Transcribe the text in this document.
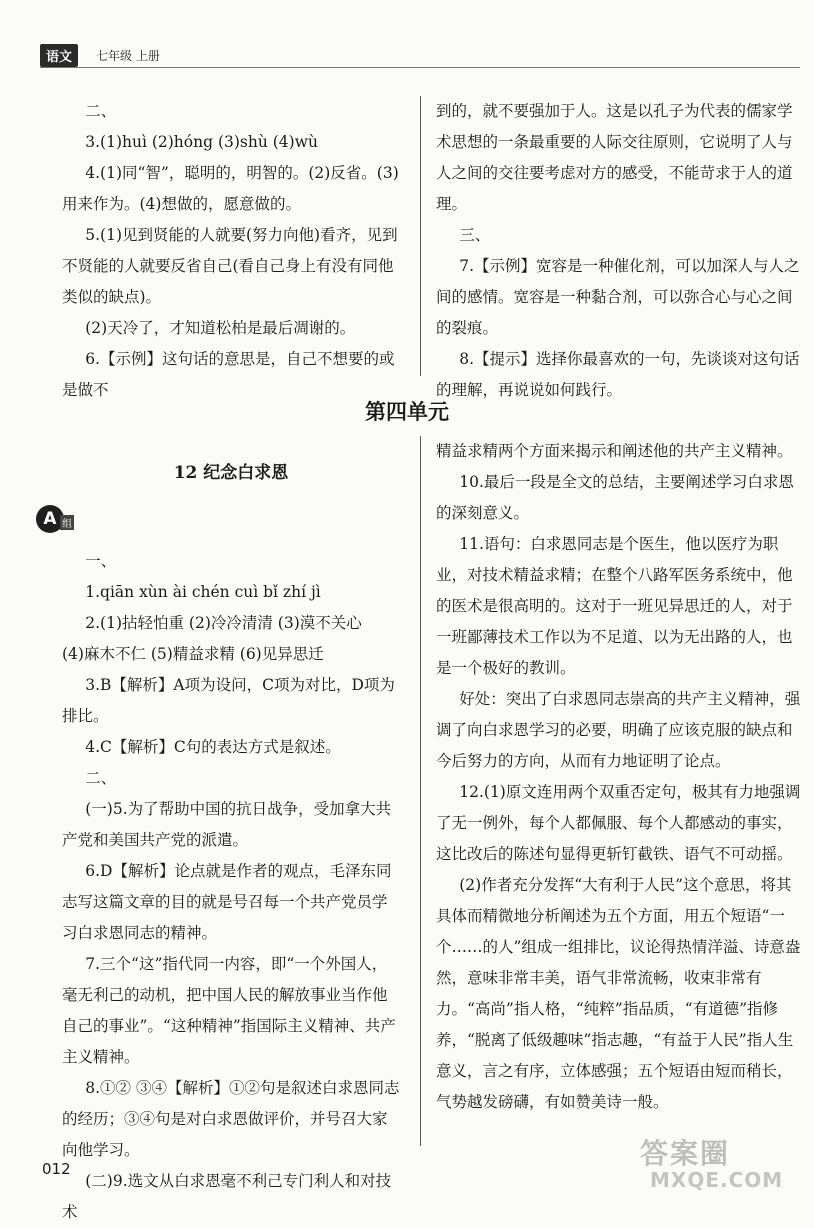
语文	七年级 上册

二、

3.(1)huì (2)hóng (3)shù (4)wù

4.(1)同“智”，聪明的，明智的。(2)反省。(3)用来作为。(4)想做的，愿意做的。

5.(1)见到贤能的人就要(努力向他)看齐，见到不贤能的人就要反省自己(看自己身上有没有同他类似的缺点)。

(2)天冷了，才知道松柏是最后凋谢的。

6.【示例】这句话的意思是，自己不想要的或是做不

到的，就不要强加于人。这是以孔子为代表的儒家学术思想的一条最重要的人际交往原则，它说明了人与人之间的交往要考虑对方的感受，不能苛求于人的道理。

三、

7.【示例】宽容是一种催化剂，可以加深人与人之间的感情。宽容是一种黏合剂，可以弥合心与心之间的裂痕。

8.【提示】选择你最喜欢的一句，先谈谈对这句话的理解，再说说如何践行。

第四单元
12 纪念白求恩
A 组

一、

1.qiān xùn ài chén cuì bǐ zhí jì

2.(1)拈轻怕重 (2)冷冷清清 (3)漠不关心

(4)麻木不仁 (5)精益求精 (6)见异思迁

3.B【解析】A项为设问，C项为对比，D项为排比。

4.C【解析】C句的表达方式是叙述。

二、

(一)5.为了帮助中国的抗日战争，受加拿大共产党和美国共产党的派遣。

6.D【解析】论点就是作者的观点，毛泽东同志写这篇文章的目的就是号召每一个共产党员学习白求恩同志的精神。

7.三个“这”指代同一内容，即“一个外国人，毫无利己的动机，把中国人民的解放事业当作他自己的事业”。“这种精神”指国际主义精神、共产主义精神。

8.①② ③④【解析】①②句是叙述白求恩同志的经历；③④句是对白求恩做评价，并号召大家向他学习。

(二)9.选文从白求恩毫不利己专门利人和对技术

精益求精两个方面来揭示和阐述他的共产主义精神。

10.最后一段是全文的总结，主要阐述学习白求恩的深刻意义。

11.语句：白求恩同志是个医生，他以医疗为职业，对技术精益求精；在整个八路军医务系统中，他的医术是很高明的。这对于一班见异思迁的人，对于一班鄙薄技术工作以为不足道、以为无出路的人，也是一个极好的教训。

好处：突出了白求恩同志崇高的共产主义精神，强调了向白求恩学习的必要，明确了应该克服的缺点和今后努力的方向，从而有力地证明了论点。

12.(1)原文连用两个双重否定句，极其有力地强调了无一例外，每个人都佩服、每个人都感动的事实，这比改后的陈述句显得更斩钉截铁、语气不可动摇。

(2)作者充分发挥“大有利于人民”这个意思，将其具体而精微地分析阐述为五个方面，用五个短语“一个……的人”组成一组排比，议论得热情洋溢、诗意盎然，意味非常丰美，语气非常流畅，收束非常有力。“高尚”指人格，“纯粹”指品质，“有道德”指修养，“脱离了低级趣味”指志趣，“有益于人民”指人生意义，言之有序，立体感强；五个短语由短而稍长，气势越发磅礴，有如赞美诗一般。

012	答案圈
MXQE.COM
